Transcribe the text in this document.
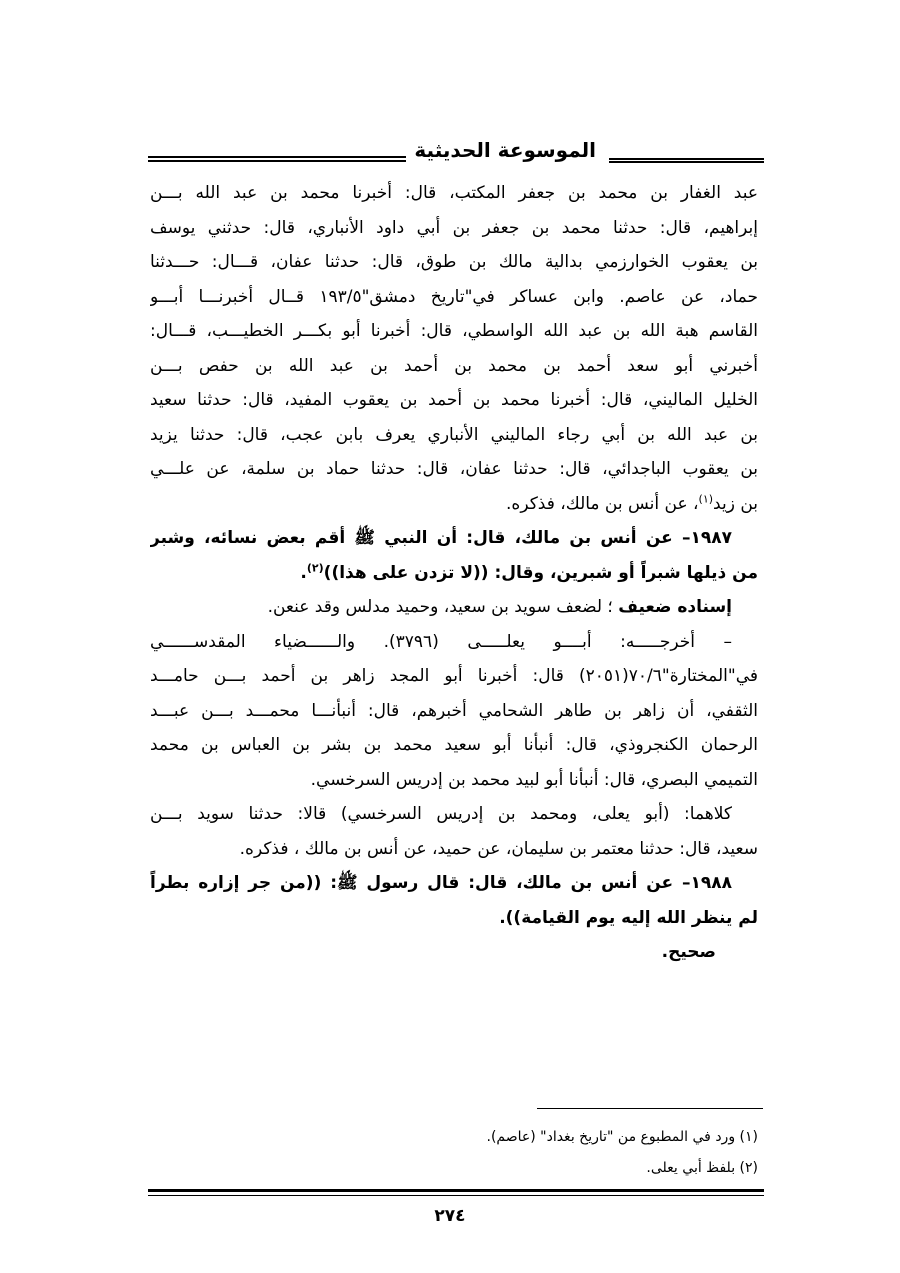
الموسوعة الحديثية
عبد الغفار بن محمد بن جعفر المكتب، قال: أخبرنا محمد بن عبد الله بـــن
إبراهيم، قال: حدثنا محمد بن جعفر بن أبي داود الأنباري، قال: حدثني يوسف
بن يعقوب الخوارزمي بدالية مالك بن طوق، قال: حدثنا عفان، قـــال: حـــدثنا
حماد، عن عاصم. وابن عساكر في"تاريخ دمشق"١٩٣/٥ قــال أخبرنـــا أبـــو
القاسم هبة الله بن عبد الله الواسطي، قال: أخبرنا أبو بكـــر الخطيـــب، قـــال:
أخبرني أبو سعد أحمد بن محمد بن أحمد بن عبد الله بن حفص بـــن
الخليل الماليني، قال: أخبرنا محمد بن أحمد بن يعقوب المفيد، قال: حدثنا سعيد
بن عبد الله بن أبي رجاء الماليني الأنباري يعرف بابن عجب، قال: حدثنا يزيد
بن يعقوب الباجدائي، قال: حدثنا عفان، قال: حدثنا حماد بن سلمة، عن علـــي
بن زيد$^{(١)}$، عن أنس بن مالك، فذكره.
١٩٨٧– عن أنس بن مالك، قال: أن النبي ﷺ أقم بعض نسائه، وشبر
من ذيلها شبراً أو شبرين، وقال: ((لا تزدن على هذا))$^{(٢)}$.
إسناده ضعيف ؛ لضعف سويد بن سعيد، وحميد مدلس وقد عنعن.
– أخرجـــــه: أبــــو يعلـــــى (٣٧٩٦). والــــــضياء المقدســــــي
في"المختارة"٧٠/٦(٢٠٥١) قال: أخبرنا أبو المجد زاهر بن أحمد بـــن حامـــد
الثقفي، أن زاهر بن طاهر الشحامي أخبرهم، قال: أنبأنـــا محمـــد بـــن عبـــد
الرحمان الكنجروذي، قال: أنبأنا أبو سعيد محمد بن بشر بن العباس بن محمد
التميمي البصري، قال: أنبأنا أبو لبيد محمد بن إدريس السرخسي.
كلاهما: (أبو يعلى، ومحمد بن إدريس السرخسي) قالا: حدثنا سويد بـــن
سعيد، قال: حدثنا معتمر بن سليمان، عن حميد، عن أنس بن مالك ، فذكره.
١٩٨٨– عن أنس بن مالك، قال: قال رسول ﷺ: ((من جر إزاره بطراً
لم ينظر الله إليه يوم القيامة)).
صحيح.
(١) ورد في المطبوع من "تاريخ بغداد" (عاصم).
(٢) بلفظ أبي يعلى.
٢٧٤
